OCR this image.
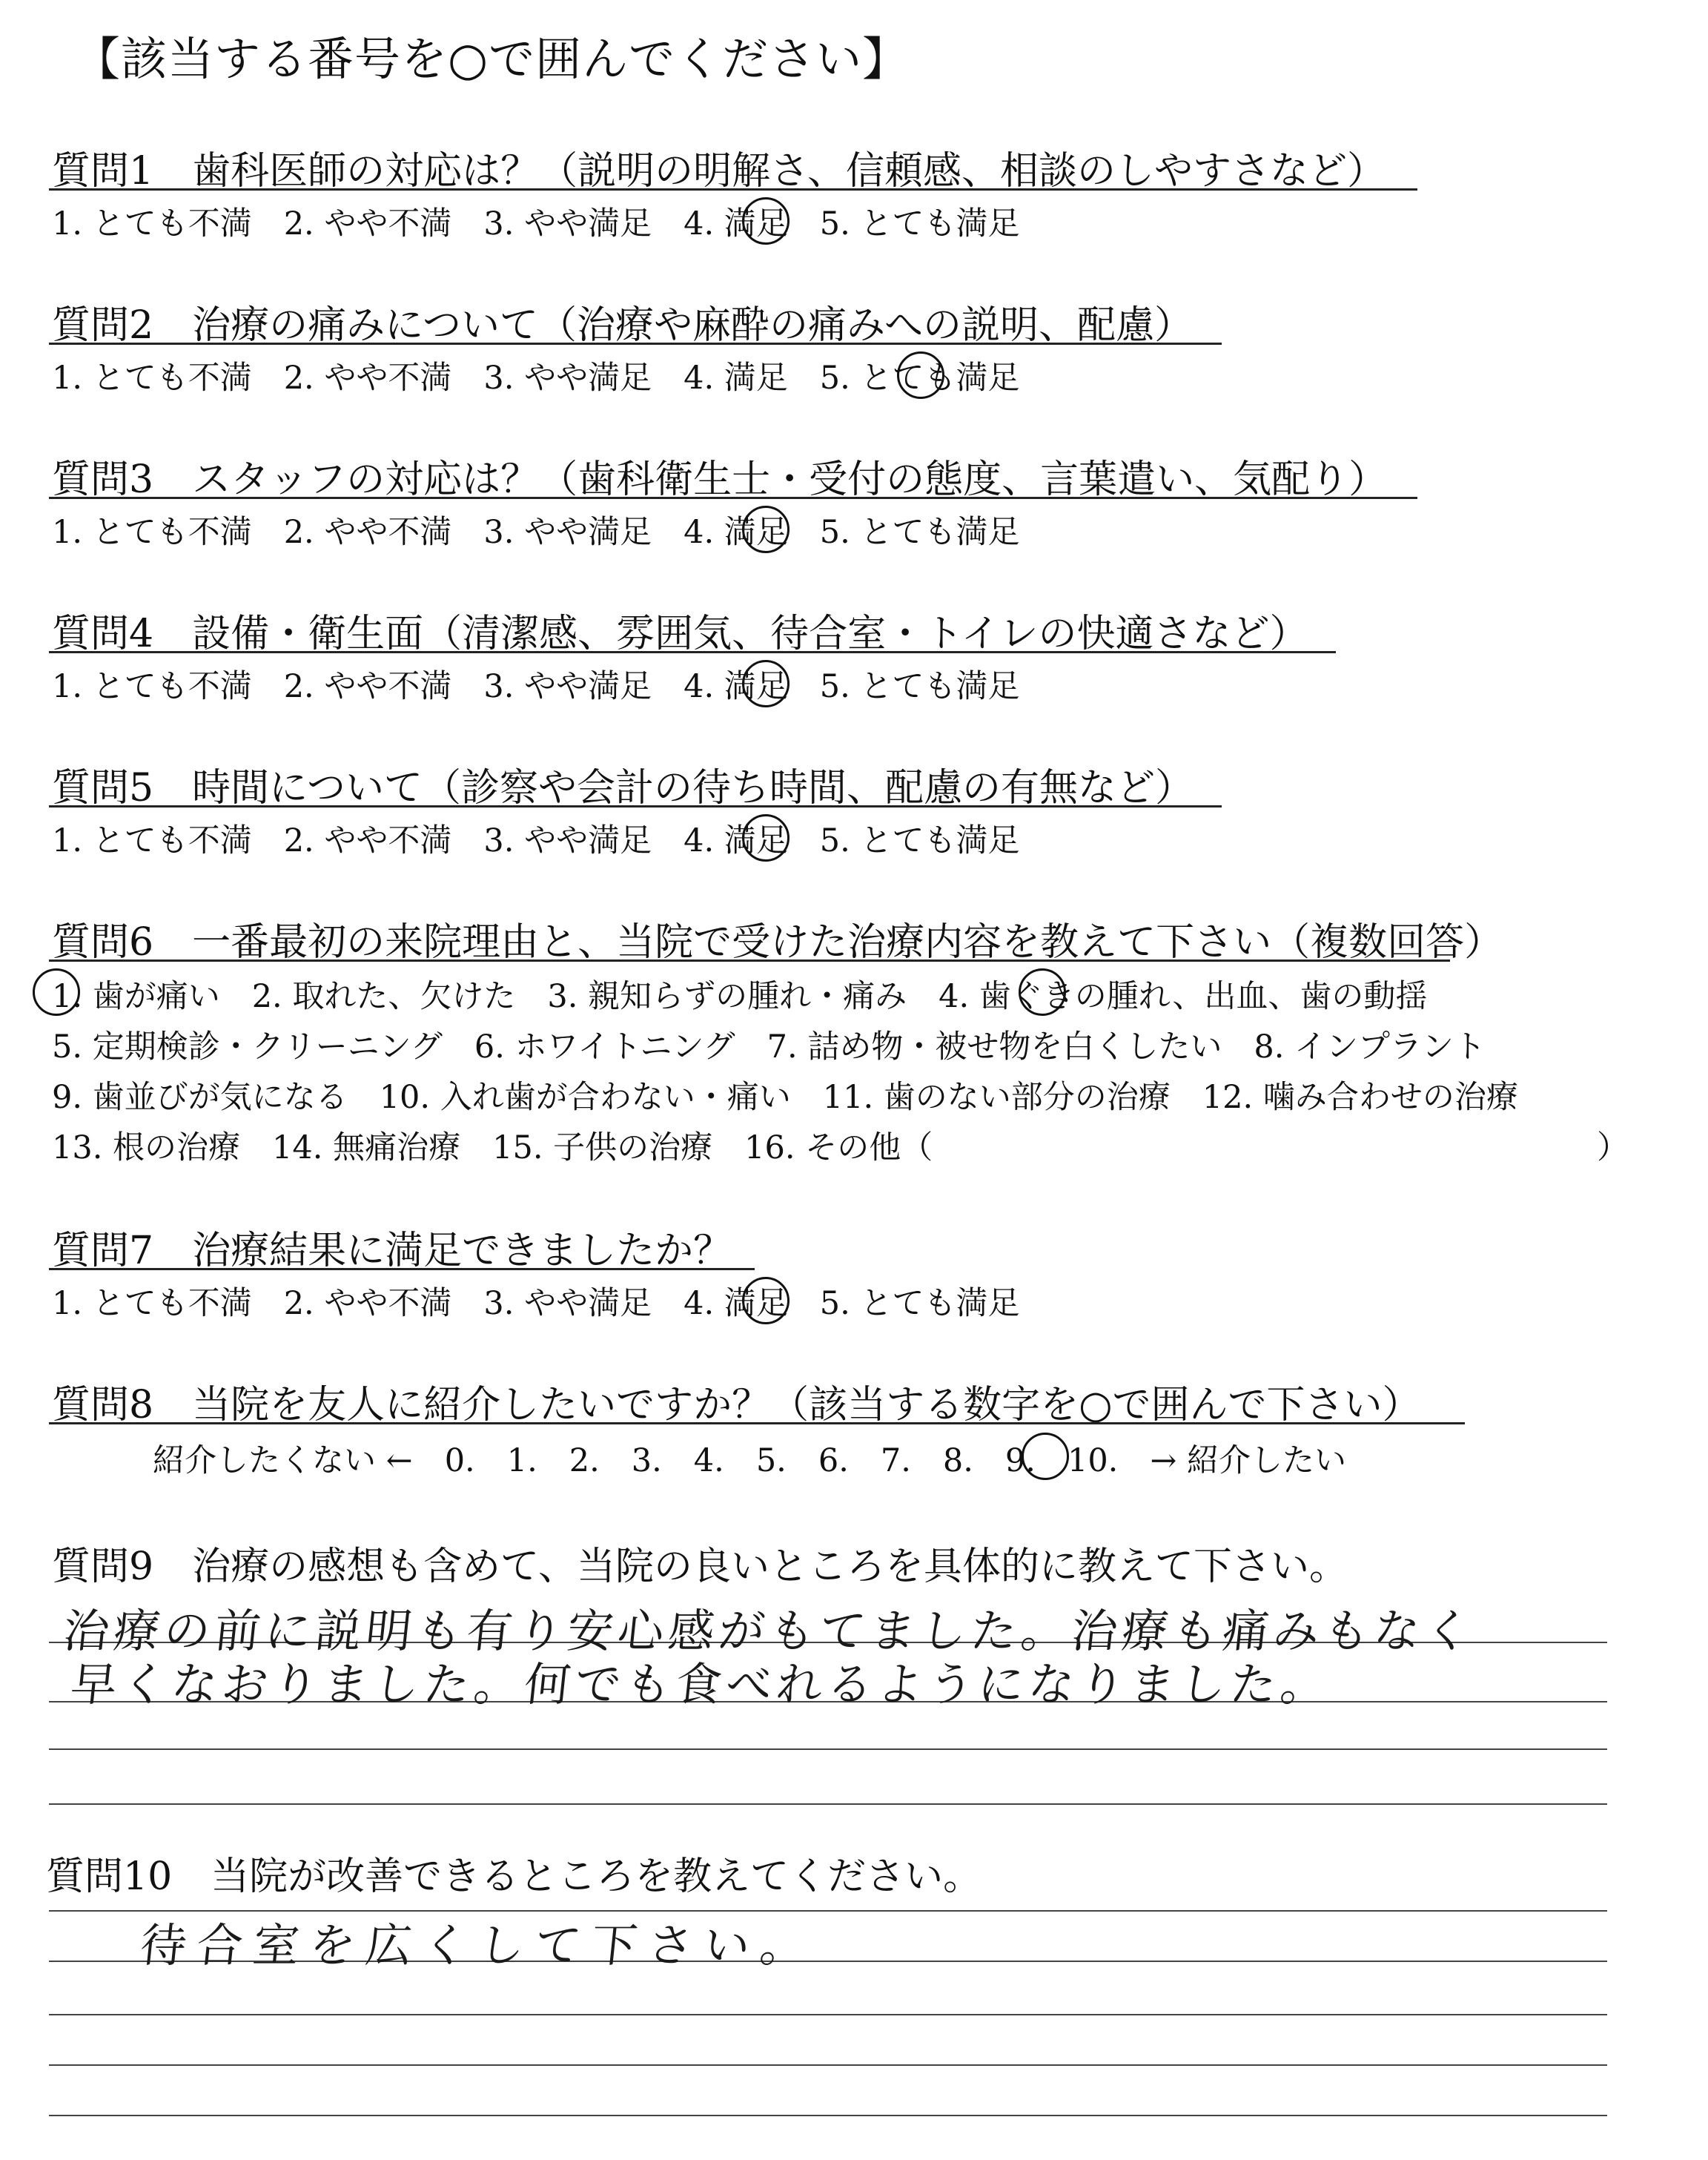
【該当する番号を○で囲んでください】
質問1　歯科医師の対応は？（説明の明解さ、信頼感、相談のしやすさなど）
1. とても不満　2. やや不満　3. やや満足　4. 満足　5. とても満足
質問2　治療の痛みについて（治療や麻酔の痛みへの説明、配慮）
1. とても不満　2. やや不満　3. やや満足　4. 満足　5. とても満足
質問3　スタッフの対応は？（歯科衛生士・受付の態度、言葉遣い、気配り）
1. とても不満　2. やや不満　3. やや満足　4. 満足　5. とても満足
質問4　設備・衛生面（清潔感、雰囲気、待合室・トイレの快適さなど）
1. とても不満　2. やや不満　3. やや満足　4. 満足　5. とても満足
質問5　時間について（診察や会計の待ち時間、配慮の有無など）
1. とても不満　2. やや不満　3. やや満足　4. 満足　5. とても満足
質問6　一番最初の来院理由と、当院で受けた治療内容を教えて下さい（複数回答）
1. 歯が痛い　2. 取れた、欠けた　3. 親知らずの腫れ・痛み　4. 歯ぐきの腫れ、出血、歯の動揺
5. 定期検診・クリーニング　6. ホワイトニング　7. 詰め物・被せ物を白くしたい　8. インプラント
9. 歯並びが気になる　10. 入れ歯が合わない・痛い　11. 歯のない部分の治療　12. 噛み合わせの治療
13. 根の治療　14. 無痛治療　15. 子供の治療　16. その他（	）
質問7　治療結果に満足できましたか？
1. とても不満　2. やや不満　3. やや満足　4. 満足　5. とても満足
質問8　当院を友人に紹介したいですか？（該当する数字を○で囲んで下さい）
紹介したくない ←　0.　1.　2.　3.　4.　5.　6.　7.　8.　9.　10.　→ 紹介したい
質問9　治療の感想も含めて、当院の良いところを具体的に教えて下さい。
治療の前に説明も有り安心感がもてました。治療も痛みもなく
早くなおりました。何でも食べれるようになりました。
質問10　当院が改善できるところを教えてください。
待合室を広くして下さい。
